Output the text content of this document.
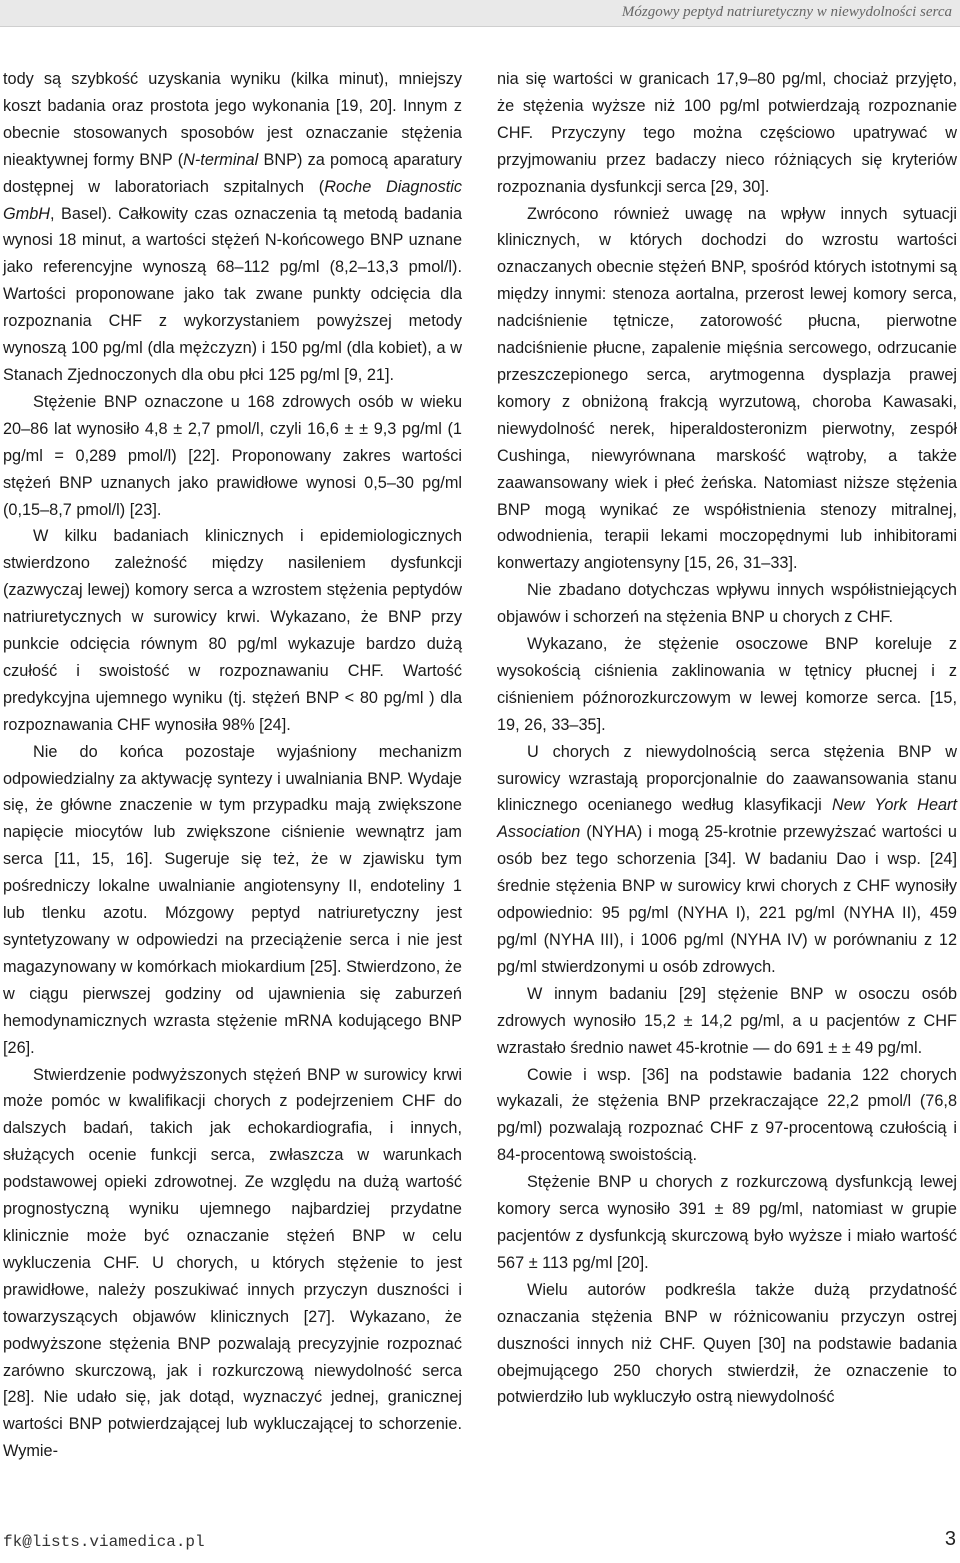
Mózgowy peptyd natriuretyczny w niewydolności serca

tody są szybkość uzyskania wyniku (kilka minut), mniejszy koszt badania oraz prostota jego wykonania [19, 20]. Innym z obecnie stosowanych sposobów jest oznaczanie stężenia nieaktywnej formy BNP (N-terminal BNP) za pomocą aparatury dostępnej w laboratoriach szpitalnych (Roche Diagnostic GmbH, Basel). Całkowity czas oznaczenia tą metodą badania wynosi 18 minut, a wartości stężeń N-końcowego BNP uznane jako referencyjne wynoszą 68–112 pg/ml (8,2–13,3 pmol/l). Wartości proponowane jako tak zwane punkty odcięcia dla rozpoznania CHF z wykorzystaniem powyższej metody wynoszą 100 pg/ml (dla mężczyzn) i 150 pg/ml (dla kobiet), a w Stanach Zjednoczonych dla obu płci 125 pg/ml [9, 21].

Stężenie BNP oznaczone u 168 zdrowych osób w wieku 20–86 lat wynosiło 4,8 ± 2,7 pmol/l, czyli 16,6 ± ± 9,3 pg/ml (1 pg/ml = 0,289 pmol/l) [22]. Proponowany zakres wartości stężeń BNP uznanych jako prawidłowe wynosi 0,5–30 pg/ml (0,15–8,7 pmol/l) [23].

W kilku badaniach klinicznych i epidemiologicznych stwierdzono zależność między nasileniem dysfunkcji (zazwyczaj lewej) komory serca a wzrostem stężenia peptydów natriuretycznych w surowicy krwi. Wykazano, że BNP przy punkcie odcięcia równym 80 pg/ml wykazuje bardzo dużą czułość i swoistość w rozpoznawaniu CHF. Wartość predykcyjna ujemnego wyniku (tj. stężeń BNP < 80 pg/ml ) dla rozpoznawania CHF wynosiła 98% [24].

Nie do końca pozostaje wyjaśniony mechanizm odpowiedzialny za aktywację syntezy i uwalniania BNP. Wydaje się, że główne znaczenie w tym przypadku mają zwiększone napięcie miocytów lub zwiększone ciśnienie wewnątrz jam serca [11, 15, 16]. Sugeruje się też, że w zjawisku tym pośredniczy lokalne uwalnianie angiotensyny II, endoteliny 1 lub tlenku azotu. Mózgowy peptyd natriuretyczny jest syntetyzowany w odpowiedzi na przeciążenie serca i nie jest magazynowany w komórkach miokardium [25]. Stwierdzono, że w ciągu pierwszej godziny od ujawnienia się zaburzeń hemodynamicznych wzrasta stężenie mRNA kodującego BNP [26].

Stwierdzenie podwyższonych stężeń BNP w surowicy krwi może pomóc w kwalifikacji chorych z podejrzeniem CHF do dalszych badań, takich jak echokardiografia, i innych, służących ocenie funkcji serca, zwłaszcza w warunkach podstawowej opieki zdrowotnej. Ze względu na dużą wartość prognostyczną wyniku ujemnego najbardziej przydatne klinicznie może być oznaczanie stężeń BNP w celu wykluczenia CHF. U chorych, u których stężenie to jest prawidłowe, należy poszukiwać innych przyczyn duszności i towarzyszących objawów klinicznych [27]. Wykazano, że podwyższone stężenia BNP pozwalają precyzyjnie rozpoznać zarówno skurczową, jak i rozkurczową niewydolność serca [28]. Nie udało się, jak dotąd, wyznaczyć jednej, granicznej wartości BNP potwierdzającej lub wykluczającej to schorzenie. Wymie-

nia się wartości w granicach 17,9–80 pg/ml, chociaż przyjęto, że stężenia wyższe niż 100 pg/ml potwierdzają rozpoznanie CHF. Przyczyny tego można częściowo upatrywać w przyjmowaniu przez badaczy nieco różniących się kryteriów rozpoznania dysfunkcji serca [29, 30].

Zwrócono również uwagę na wpływ innych sytuacji klinicznych, w których dochodzi do wzrostu wartości oznaczanych obecnie stężeń BNP, spośród których istotnymi są między innymi: stenoza aortalna, przerost lewej komory serca, nadciśnienie tętnicze, zatorowość płucna, pierwotne nadciśnienie płucne, zapalenie mięśnia sercowego, odrzucanie przeszczepionego serca, arytmogenna dysplazja prawej komory z obniżoną frakcją wyrzutową, choroba Kawasaki, niewydolność nerek, hiperaldosteronizm pierwotny, zespół Cushinga, niewyrównana marskość wątroby, a także zaawansowany wiek i płeć żeńska. Natomiast niższe stężenia BNP mogą wynikać ze współistnienia stenozy mitralnej, odwodnienia, terapii lekami moczopędnymi lub inhibitorami konwertazy angiotensyny [15, 26, 31–33].

Nie zbadano dotychczas wpływu innych współistniejących objawów i schorzeń na stężenia BNP u chorych z CHF.

Wykazano, że stężenie osoczowe BNP koreluje z wysokością ciśnienia zaklinowania w tętnicy płucnej i z ciśnieniem późnorozkurczowym w lewej komorze serca. [15, 19, 26, 33–35].

U chorych z niewydolnością serca stężenia BNP w surowicy wzrastają proporcjonalnie do zaawansowania stanu klinicznego ocenianego według klasyfikacji New York Heart Association (NYHA) i mogą 25-krotnie przewyższać wartości u osób bez tego schorzenia [34]. W badaniu Dao i wsp. [24] średnie stężenia BNP w surowicy krwi chorych z CHF wynosiły odpowiednio: 95 pg/ml (NYHA I), 221 pg/ml (NYHA II), 459 pg/ml (NYHA III), i 1006 pg/ml (NYHA IV) w porównaniu z 12 pg/ml stwierdzonymi u osób zdrowych.

W innym badaniu [29] stężenie BNP w osoczu osób zdrowych wynosiło 15,2 ± 14,2 pg/ml, a u pacjentów z CHF wzrastało średnio nawet 45-krotnie — do 691 ± ± 49 pg/ml.

Cowie i wsp. [36] na podstawie badania 122 chorych wykazali, że stężenia BNP przekraczające 22,2 pmol/l (76,8 pg/ml) pozwalają rozpoznać CHF z 97-procentową czułością i 84-procentową swoistością.

Stężenie BNP u chorych z rozkurczową dysfunkcją lewej komory serca wynosiło 391 ± 89 pg/ml, natomiast w grupie pacjentów z dysfunkcją skurczową było wyższe i miało wartość 567 ± 113 pg/ml [20].

Wielu autorów podkreśla także dużą przydatność oznaczania stężenia BNP w różnicowaniu przyczyn ostrej duszności innych niż CHF. Quyen [30] na podstawie badania obejmującego 250 chorych stwierdził, że oznaczenie to potwierdziło lub wykluczyło ostrą niewydolność

fk@lists.viamedica.pl	3
